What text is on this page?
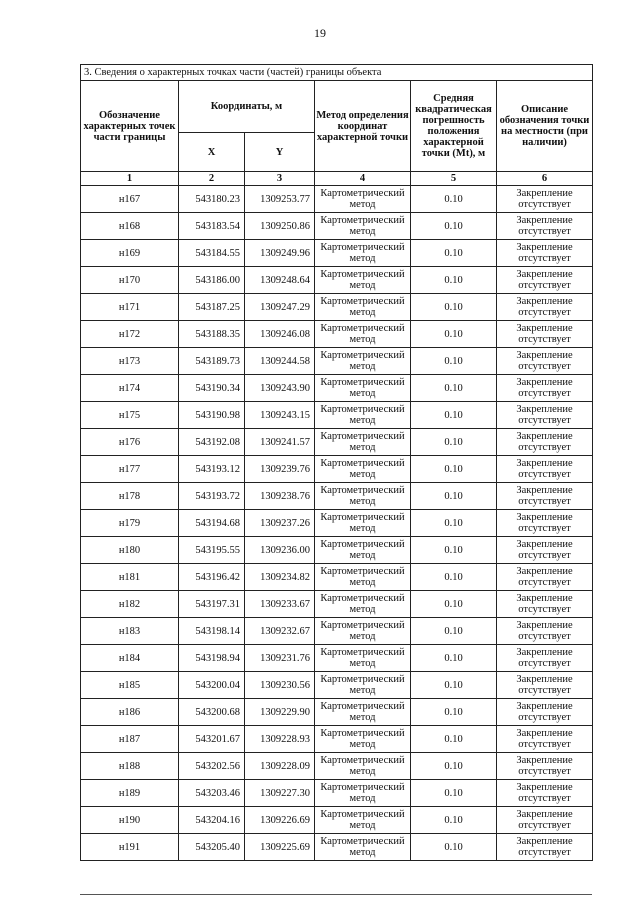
19
3. Сведения о характерных точках части (частей) границы объекта					
Обозначение характерных точек части границы	Координаты, м		Метод определения координат характерной точки	Средняя квадратическая погрешность положения характерной точки (Mt), м	Описание обозначения точки на местности (при наличии)
	X	Y			
1	2	3	4	5	6
н167	543180.23	1309253.77	Картометрический метод	0.10	Закрепление отсутствует
н168	543183.54	1309250.86	Картометрический метод	0.10	Закрепление отсутствует
н169	543184.55	1309249.96	Картометрический метод	0.10	Закрепление отсутствует
н170	543186.00	1309248.64	Картометрический метод	0.10	Закрепление отсутствует
н171	543187.25	1309247.29	Картометрический метод	0.10	Закрепление отсутствует
н172	543188.35	1309246.08	Картометрический метод	0.10	Закрепление отсутствует
н173	543189.73	1309244.58	Картометрический метод	0.10	Закрепление отсутствует
н174	543190.34	1309243.90	Картометрический метод	0.10	Закрепление отсутствует
н175	543190.98	1309243.15	Картометрический метод	0.10	Закрепление отсутствует
н176	543192.08	1309241.57	Картометрический метод	0.10	Закрепление отсутствует
н177	543193.12	1309239.76	Картометрический метод	0.10	Закрепление отсутствует
н178	543193.72	1309238.76	Картометрический метод	0.10	Закрепление отсутствует
н179	543194.68	1309237.26	Картометрический метод	0.10	Закрепление отсутствует
н180	543195.55	1309236.00	Картометрический метод	0.10	Закрепление отсутствует
н181	543196.42	1309234.82	Картометрический метод	0.10	Закрепление отсутствует
н182	543197.31	1309233.67	Картометрический метод	0.10	Закрепление отсутствует
н183	543198.14	1309232.67	Картометрический метод	0.10	Закрепление отсутствует
н184	543198.94	1309231.76	Картометрический метод	0.10	Закрепление отсутствует
н185	543200.04	1309230.56	Картометрический метод	0.10	Закрепление отсутствует
н186	543200.68	1309229.90	Картометрический метод	0.10	Закрепление отсутствует
н187	543201.67	1309228.93	Картометрический метод	0.10	Закрепление отсутствует
н188	543202.56	1309228.09	Картометрический метод	0.10	Закрепление отсутствует
н189	543203.46	1309227.30	Картометрический метод	0.10	Закрепление отсутствует
н190	543204.16	1309226.69	Картометрический метод	0.10	Закрепление отсутствует
н191	543205.40	1309225.69	Картометрический метод	0.10	Закрепление отсутствует
